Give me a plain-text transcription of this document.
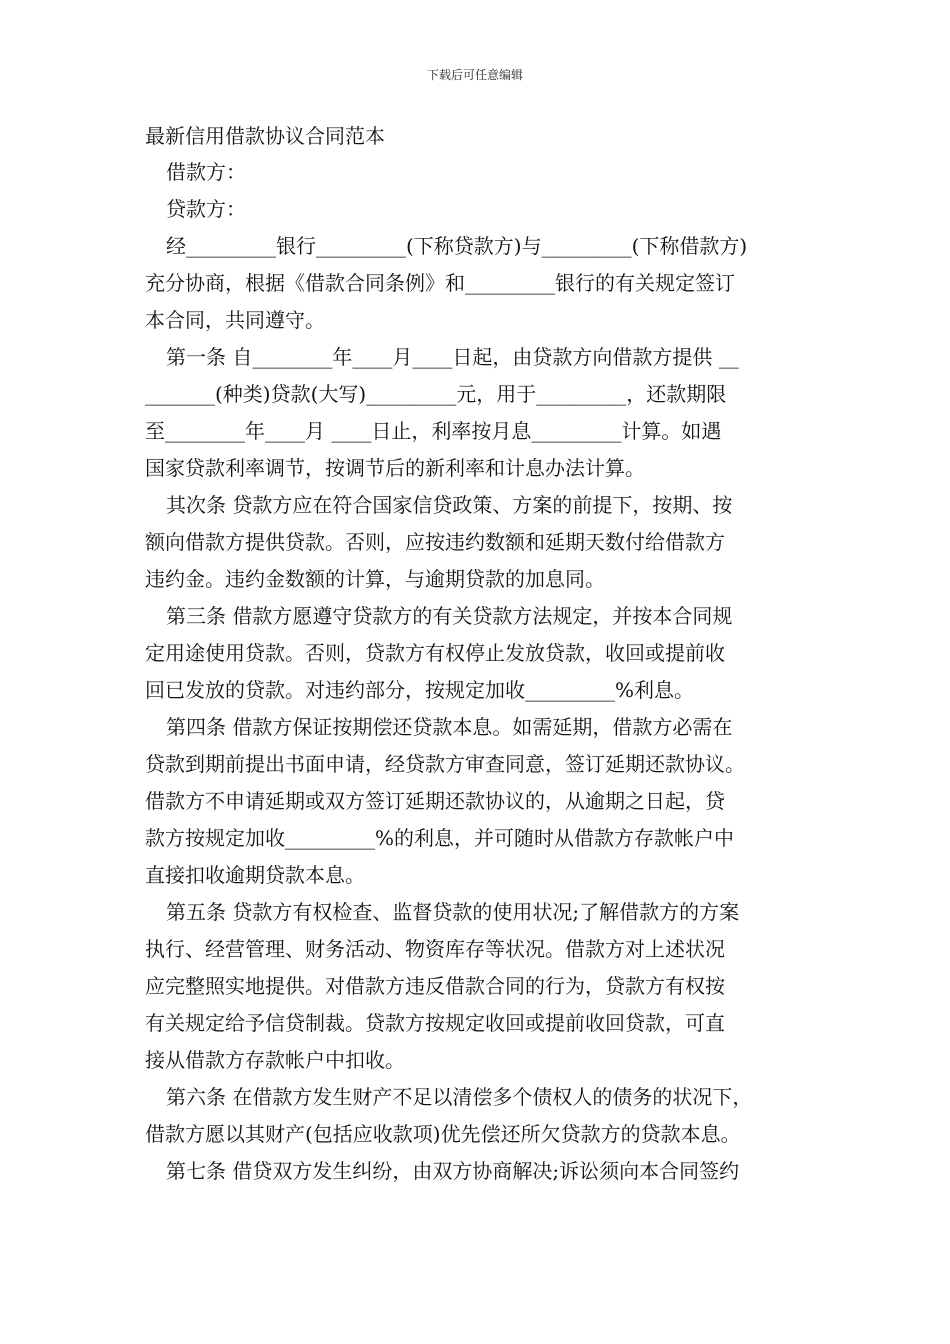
下载后可任意编辑

最新信用借款协议合同范本

借款方：

贷款方：

经_________银行_________(下称贷款方)与_________(下称借款方)

充分协商，根据《借款合同条例》和_________银行的有关规定签订

本合同，共同遵守。

第一条 自________年____月____日起，由贷款方向借款方提供 __

_______(种类)贷款(大写)_________元，用于_________，还款期限

至________年____月 ____日止，利率按月息_________计算。如遇

国家贷款利率调节，按调节后的新利率和计息办法计算。

其次条 贷款方应在符合国家信贷政策、方案的前提下，按期、按

额向借款方提供贷款。否则，应按违约数额和延期天数付给借款方

违约金。违约金数额的计算，与逾期贷款的加息同。

第三条 借款方愿遵守贷款方的有关贷款方法规定，并按本合同规

定用途使用贷款。否则，贷款方有权停止发放贷款，收回或提前收

回已发放的贷款。对违约部分，按规定加收_________%利息。

第四条 借款方保证按期偿还贷款本息。如需延期，借款方必需在

贷款到期前提出书面申请，经贷款方审查同意，签订延期还款协议。

借款方不申请延期或双方签订延期还款协议的，从逾期之日起，贷

款方按规定加收_________%的利息，并可随时从借款方存款帐户中

直接扣收逾期贷款本息。

第五条 贷款方有权检查、监督贷款的使用状况;了解借款方的方案

执行、经营管理、财务活动、物资库存等状况。借款方对上述状况

应完整照实地提供。对借款方违反借款合同的行为，贷款方有权按

有关规定给予信贷制裁。贷款方按规定收回或提前收回贷款，可直

接从借款方存款帐户中扣收。

第六条 在借款方发生财产不足以清偿多个债权人的债务的状况下，

借款方愿以其财产(包括应收款项)优先偿还所欠贷款方的贷款本息。

第七条 借贷双方发生纠纷，由双方协商解决;诉讼须向本合同签约
